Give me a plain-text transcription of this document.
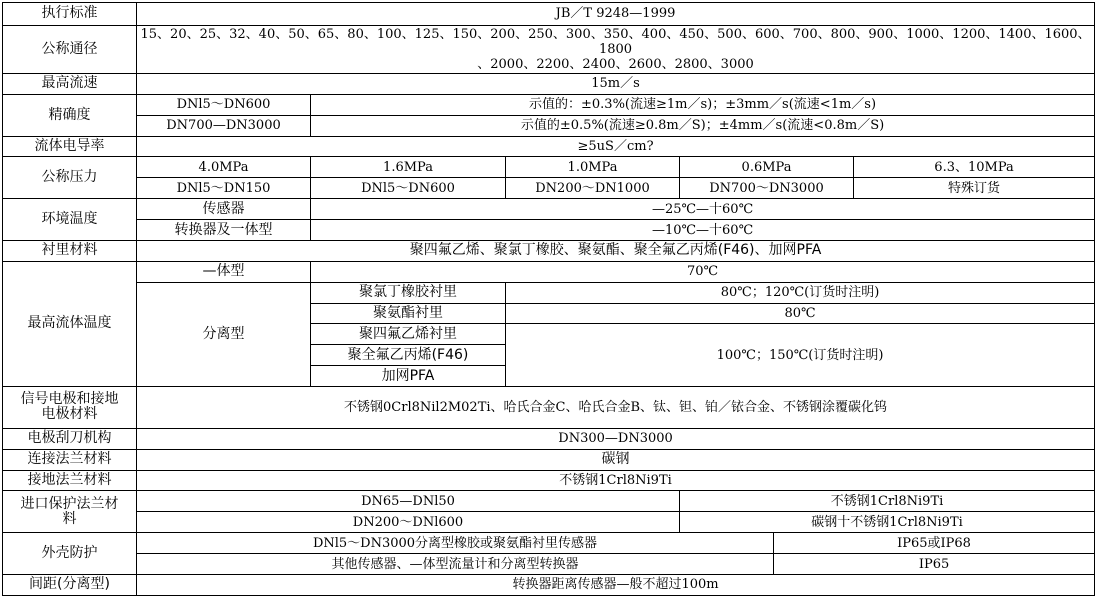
执行标准	JB／T 9248—1999					
公称通径	15、20、25、32、40、50、65、80、100、125、150、200、250、300、350、400、450、500、600、700、800、900、1000、1200、1400、1600、1800
、2000、2200、2400、2600、2800、3000					

最高流速	15m／s					
精确度	DNl5～DN600	示值的：±0.3%(流速≥1m／s)；±3mm／s(流速<1m／s)				
	DN700—DN3000	示值的±0.5%(流速≥0.8m／S)；±4mm／s(流速<0.8m／S)				
流体电导率	≥5uS／cm?					
公称压力	4.0MPa	1.6MPa	1.0MPa	0.6MPa		6.3、10MPa
	DNl5～DN150	DNl5～DN600	DN200～DN1000	DN700～DN3000		特殊订货
环境温度	传感器	—25℃—十60℃				
	转换器及一体型	—10℃—十60℃				
衬里材料	聚四氟乙烯、聚氯丁橡胶、聚氨酯、聚全氟乙丙烯(F46)、加网PFA					
最高流体温度	—体型	70℃				
	分离型	聚氯丁橡胶衬里	80℃；120℃(订货时注明)			
		聚氨酯衬里	80℃			
		聚四氟乙烯衬里	100℃；150℃(订货时注明)			
		聚全氟乙丙烯(F46)				
		加网PFA				

信号电极和接地
电极材料	不锈钢0Crl8Nil2M02Ti、哈氏合金C、哈氏合金B、钛、钽、铂／铱合金、不锈钢涂覆碳化钨					
电极刮刀机构	DN300—DN3000					
连接法兰材料	碳钢					
接地法兰材料	不锈钢1Crl8Ni9Ti					

进口保护法兰材
料	DN65—DNl50			不锈钢1Crl8Ni9Ti		
	DN200～DNl600			碳钢十不锈钢1Crl8Ni9Ti		
外壳防护	DNl5～DN3000分离型橡胶或聚氨酯衬里传感器				IP65或IP68	
	其他传感器、—体型流量计和分离型转换器				IP65	
间距(分离型)	转换器距离传感器—般不超过100m					
